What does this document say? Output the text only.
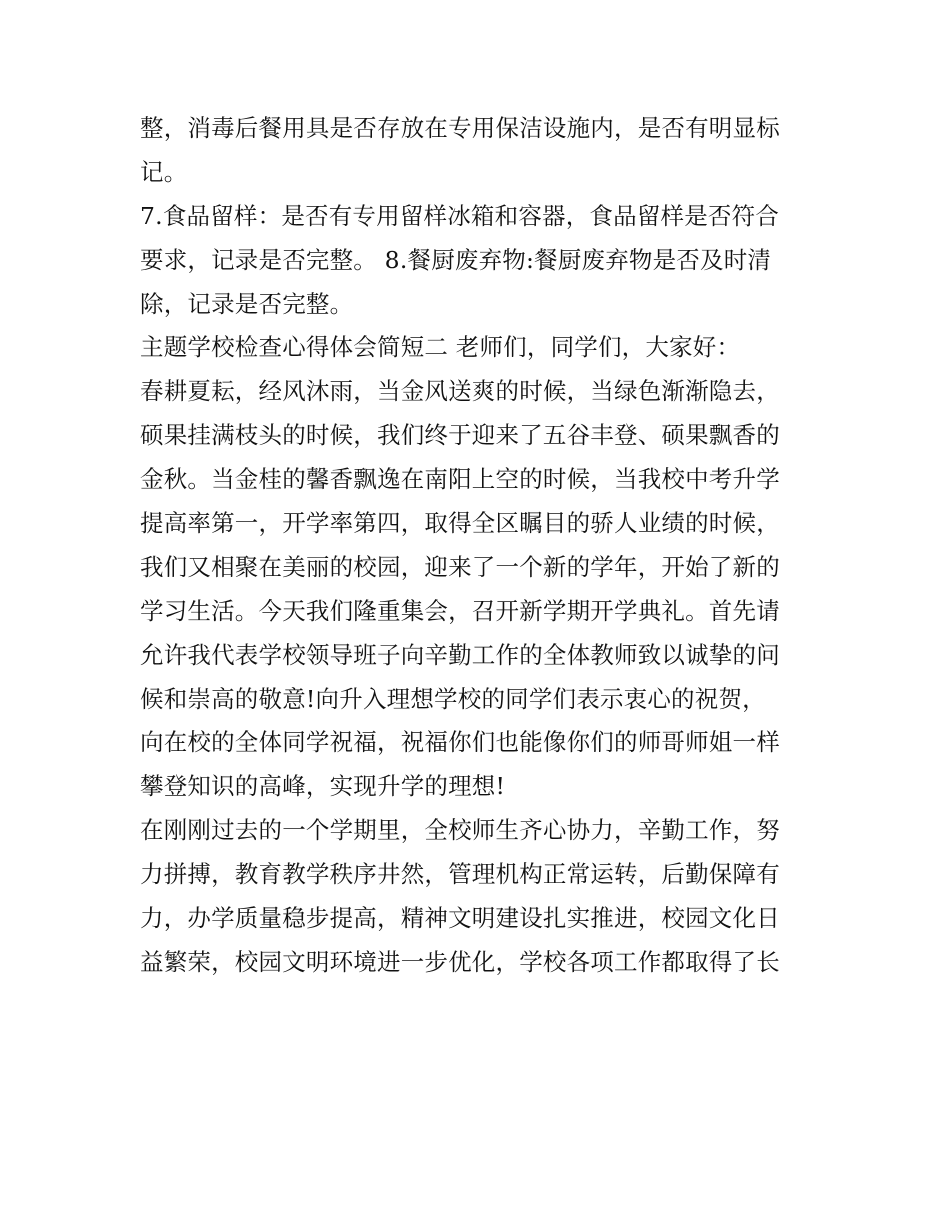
整，消毒后餐用具是否存放在专用保洁设施内，是否有明显标
记。
7.食品留样：是否有专用留样冰箱和容器，食品留样是否符合
要求，记录是否完整。 8.餐厨废弃物:餐厨废弃物是否及时清
除，记录是否完整。
主题学校检查心得体会简短二 老师们，同学们，大家好：
春耕夏耘，经风沐雨，当金风送爽的时候，当绿色渐渐隐去，
硕果挂满枝头的时候，我们终于迎来了五谷丰登、硕果飘香的
金秋。当金桂的馨香飘逸在南阳上空的时候，当我校中考升学
提高率第一，开学率第四，取得全区瞩目的骄人业绩的时候，
我们又相聚在美丽的校园，迎来了一个新的学年，开始了新的
学习生活。今天我们隆重集会，召开新学期开学典礼。首先请
允许我代表学校领导班子向辛勤工作的全体教师致以诚挚的问
候和崇高的敬意!向升入理想学校的同学们表示衷心的祝贺，
向在校的全体同学祝福，祝福你们也能像你们的师哥师姐一样
攀登知识的高峰，实现升学的理想!
在刚刚过去的一个学期里，全校师生齐心协力，辛勤工作，努
力拼搏，教育教学秩序井然，管理机构正常运转，后勤保障有
力，办学质量稳步提高，精神文明建设扎实推进，校园文化日
益繁荣，校园文明环境进一步优化，学校各项工作都取得了长
